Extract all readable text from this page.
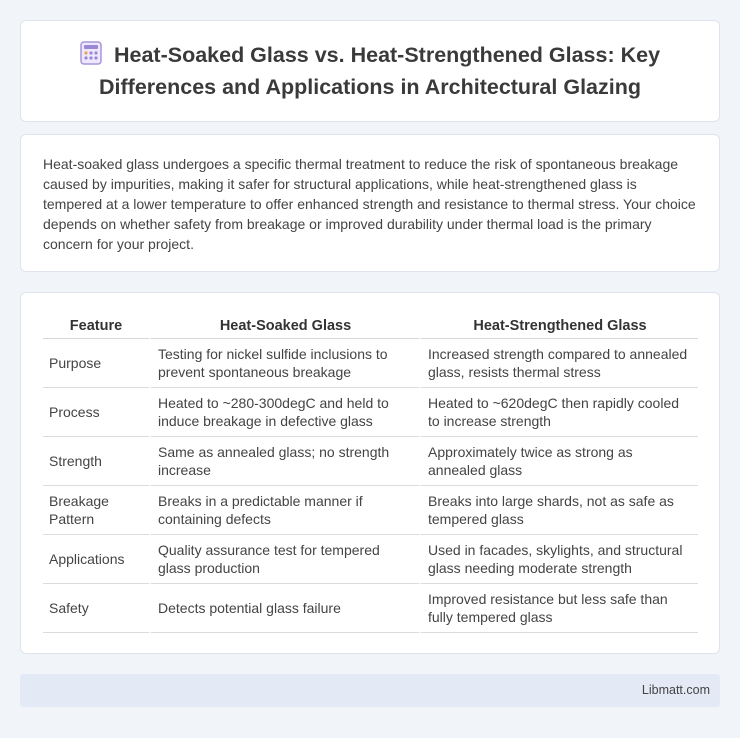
Heat-Soaked Glass vs. Heat-Strengthened Glass: Key Differences and Applications in Architectural Glazing

Heat-soaked glass undergoes a specific thermal treatment to reduce the risk of spontaneous breakage caused by impurities, making it safer for structural applications, while heat-strengthened glass is tempered at a lower temperature to offer enhanced strength and resistance to thermal stress. Your choice depends on whether safety from breakage or improved durability under thermal load is the primary concern for your project.

Feature	Heat-Soaked Glass	Heat-Strengthened Glass
Purpose	Testing for nickel sulfide inclusions to prevent spontaneous breakage	Increased strength compared to annealed glass, resists thermal stress
Process	Heated to ~280-300degC and held to induce breakage in defective glass	Heated to ~620degC then rapidly cooled to increase strength
Strength	Same as annealed glass; no strength increase	Approximately twice as strong as annealed glass
Breakage Pattern	Breaks in a predictable manner if containing defects	Breaks into large shards, not as safe as tempered glass
Applications	Quality assurance test for tempered glass production	Used in facades, skylights, and structural glass needing moderate strength
Safety	Detects potential glass failure	Improved resistance but less safe than fully tempered glass
Libmatt.com
